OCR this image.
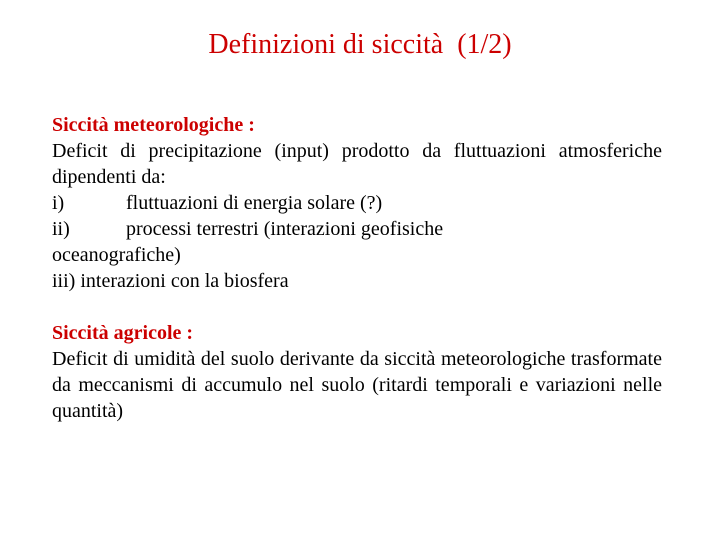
Definizioni di siccità  (1/2)
Siccità meteorologiche :
Deficit di precipitazione (input) prodotto da fluttuazioni atmosferiche dipendenti da:
i)	fluttuazioni di energia solare (?)
ii)	processi terrestri (interazioni geofisiche
oceanografiche)
iii) interazioni con la biosfera
Siccità agricole :
Deficit di umidità del suolo derivante da siccità meteorologiche trasformate da meccanismi di accumulo nel suolo (ritardi temporali e variazioni nelle quantità)
